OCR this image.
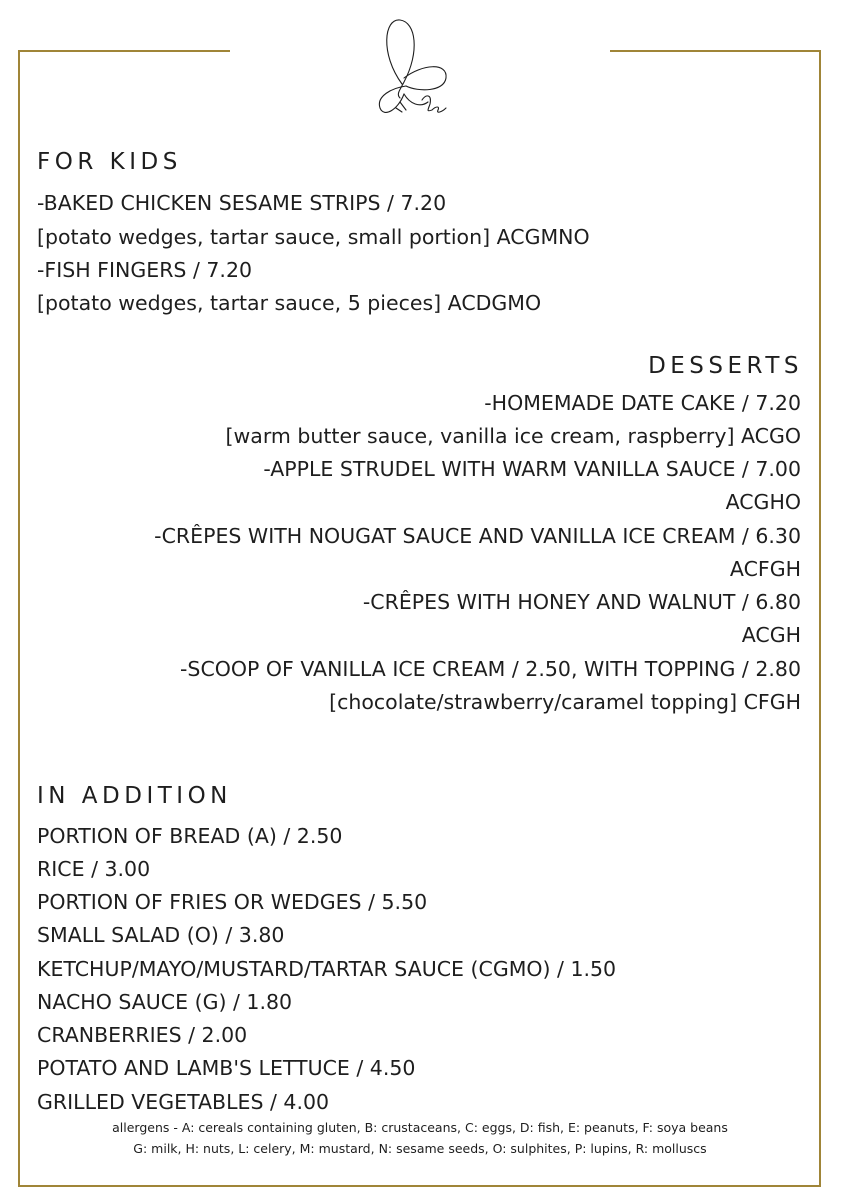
FOR KIDS

-BAKED CHICKEN SESAME STRIPS / 7.20

[potato wedges, tartar sauce, small portion] ACGMNO

-FISH FINGERS / 7.20

[potato wedges, tartar sauce, 5 pieces] ACDGMO

DESSERTS

-HOMEMADE DATE CAKE / 7.20

[warm butter sauce, vanilla ice cream, raspberry] ACGO

-APPLE STRUDEL WITH WARM VANILLA SAUCE / 7.00

ACGHO

-CRÊPES WITH NOUGAT SAUCE AND VANILLA ICE CREAM / 6.30

ACFGH

-CRÊPES WITH HONEY AND WALNUT / 6.80

ACGH

-SCOOP OF VANILLA ICE CREAM / 2.50, WITH TOPPING / 2.80

[chocolate/strawberry/caramel topping] CFGH

IN ADDITION

PORTION OF BREAD (A) / 2.50

RICE / 3.00

PORTION OF FRIES OR WEDGES / 5.50

SMALL SALAD (O) / 3.80

KETCHUP/MAYO/MUSTARD/TARTAR SAUCE (CGMO) / 1.50

NACHO SAUCE (G) / 1.80

CRANBERRIES / 2.00

POTATO AND LAMB'S LETTUCE / 4.50

GRILLED VEGETABLES / 4.00

allergens - A: cereals containing gluten, B: crustaceans, C: eggs, D: fish, E: peanuts, F: soya beans
G: milk, H: nuts, L: celery, M: mustard, N: sesame seeds, O: sulphites, P: lupins, R: molluscs
